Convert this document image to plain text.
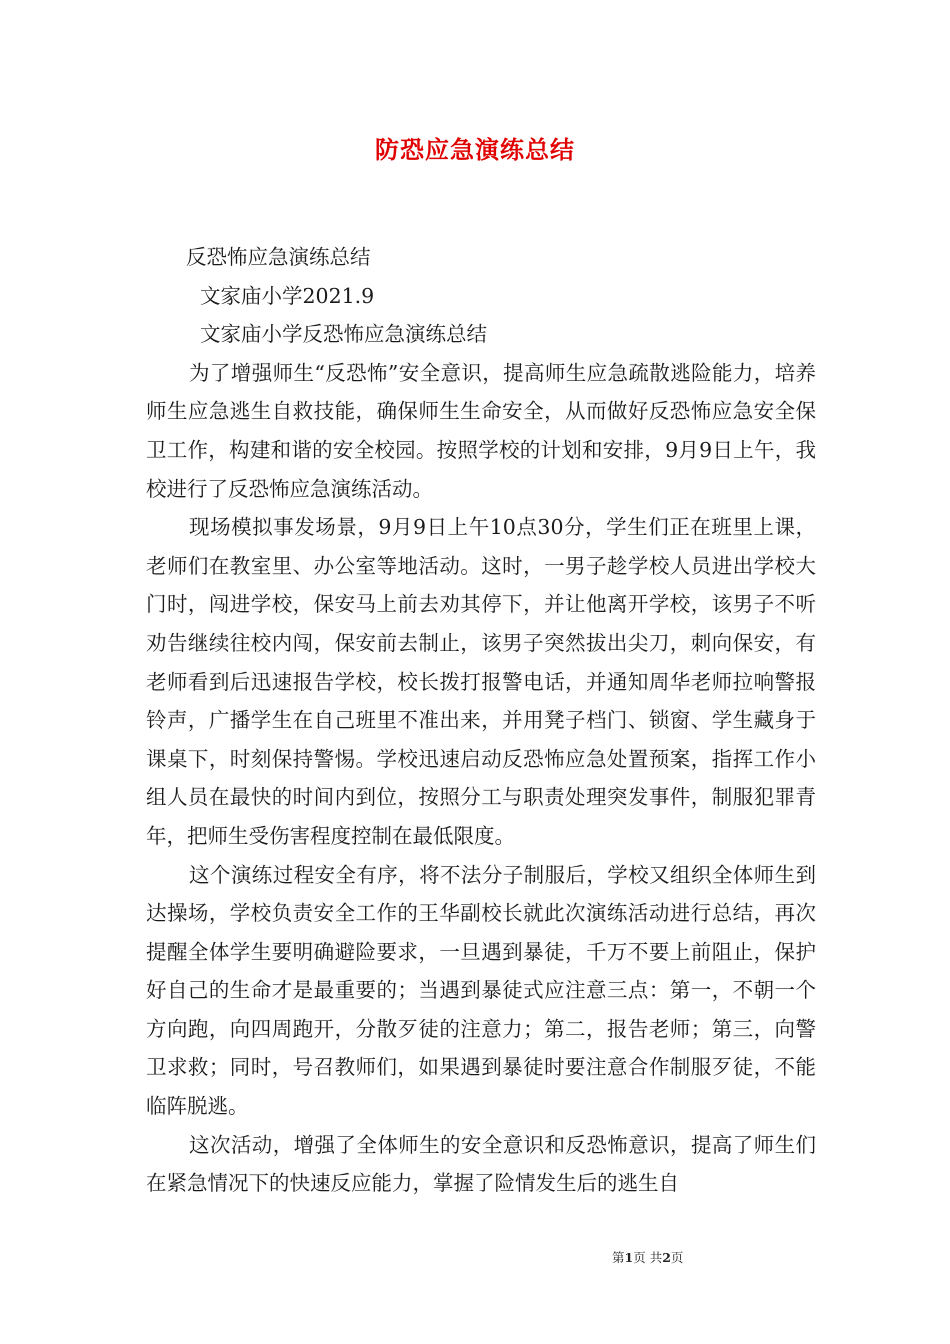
防恐应急演练总结

反恐怖应急演练总结

文家庙小学2021.9

文家庙小学反恐怖应急演练总结

为了增强师生“反恐怖”安全意识，提高师生应急疏散逃险能力，培养师生应急逃生自救技能，确保师生生命安全，从而做好反恐怖应急安全保卫工作，构建和谐的安全校园。按照学校的计划和安排，9月9日上午，我校进行了反恐怖应急演练活动。

现场模拟事发场景，9月9日上午10点30分，学生们正在班里上课，老师们在教室里、办公室等地活动。这时，一男子趁学校人员进出学校大门时，闯进学校，保安马上前去劝其停下，并让他离开学校，该男子不听劝告继续往校内闯，保安前去制止，该男子突然拔出尖刀，刺向保安，有老师看到后迅速报告学校，校长拨打报警电话，并通知周华老师拉响警报铃声，广播学生在自己班里不准出来，并用凳子档门、锁窗、学生藏身于课桌下，时刻保持警惕。学校迅速启动反恐怖应急处置预案，指挥工作小组人员在最快的时间内到位，按照分工与职责处理突发事件，制服犯罪青年，把师生受伤害程度控制在最低限度。

这个演练过程安全有序，将不法分子制服后，学校又组织全体师生到达操场，学校负责安全工作的王华副校长就此次演练活动进行总结，再次提醒全体学生要明确避险要求，一旦遇到暴徒，千万不要上前阻止，保护好自己的生命才是最重要的；当遇到暴徒式应注意三点：第一，不朝一个方向跑，向四周跑开，分散歹徒的注意力；第二，报告老师；第三，向警卫求救；同时，号召教师们，如果遇到暴徒时要注意合作制服歹徒，不能临阵脱逃。

这次活动，增强了全体师生的安全意识和反恐怖意识，提高了师生们在紧急情况下的快速反应能力，掌握了险情发生后的逃生自

第1页 共2页
